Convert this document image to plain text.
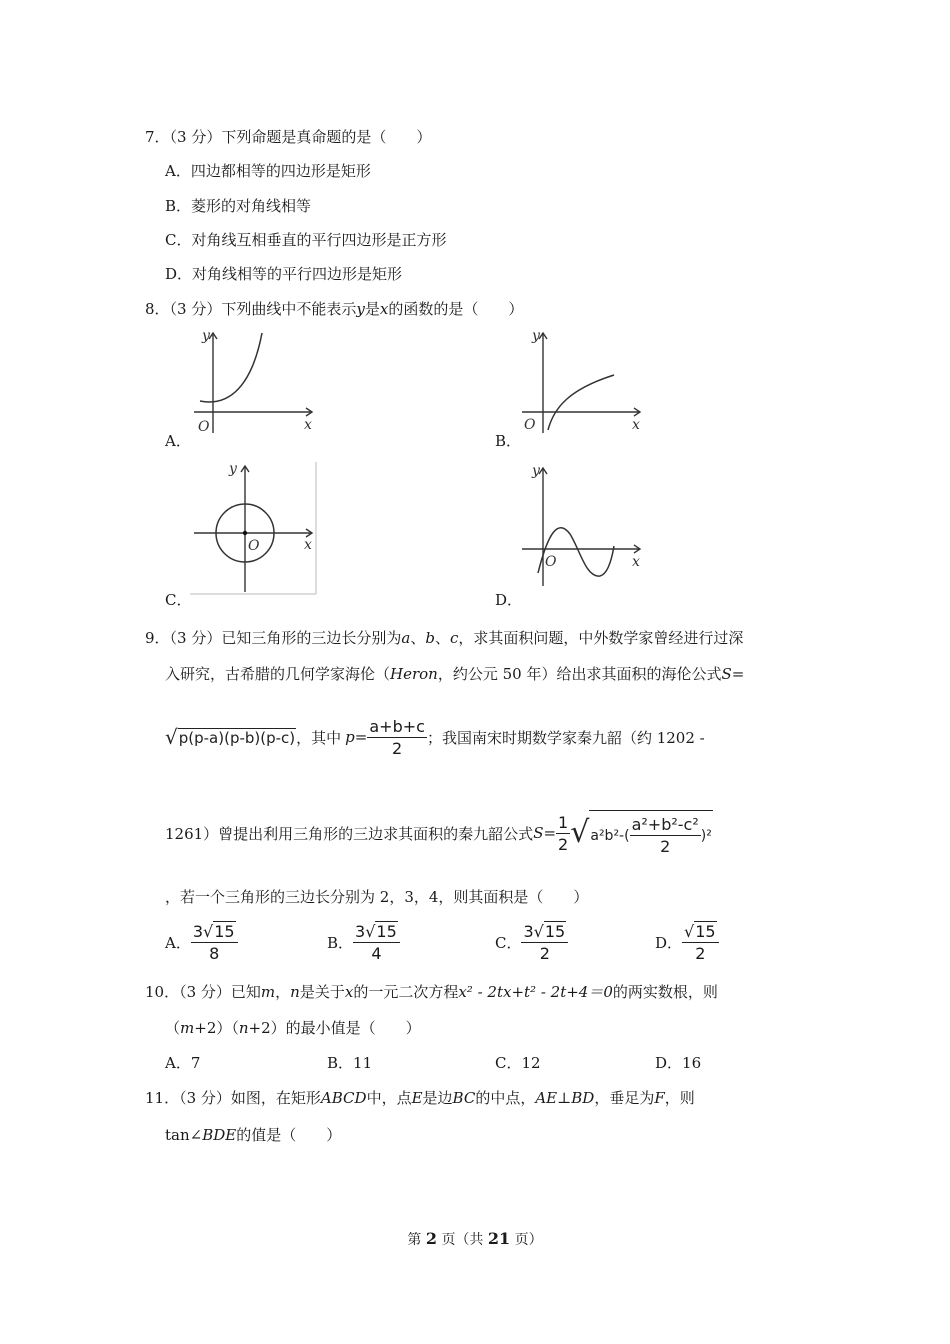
7．（3 分）下列命题是真命题的是（　　）
A．四边都相等的四边形是矩形
B．菱形的对角线相等
C．对角线互相垂直的平行四边形是正方形
D．对角线相等的平行四边形是矩形
8．（3 分）下列曲线中不能表示y是x的函数的是（　　）
y
x
O
A．
y
x
O
B．
y
x
O
C．
y
x
O
D．
9．（3 分）已知三角形的三边长分别为a、b、c，求其面积问题，中外数学家曾经进行过深
入研究，古希腊的几何学家海伦（Heron，约公元 50 年）给出求其面积的海伦公式S=
√ p(p-a)(p-b)(p-c) ，其中 $p = \frac{a+b+c}{2}$ ；我国南宋时期数学家秦九韶（约 1202 -
1261）曾提出利用三角形的三边求其面积的秦九韶公式 $S = \frac{1}{2}$ √ $a^2b^2-( \frac{\text{a²+b²-c²}}{2} )^2$
，若一个三角形的三边长分别为 2，3，4，则其面积是（　　）
A． $\frac{3√15}{8}$	B． $\frac{3√15}{4}$	C． $\frac{3√15}{2}$	D． $\frac{√15}{2}$
10．（3 分）已知m，n是关于x的一元二次方程x² - 2tx+t² - 2t+4＝0的两实数根，则
（m+2）（n+2）的最小值是（　　）
A．7	B．11	C．12	D．16
11．（3 分）如图，在矩形ABCD中，点E是边BC的中点，AE⊥BD，垂足为F，则
tan∠BDE的值是（　　）
第 2 页（共 21 页）
